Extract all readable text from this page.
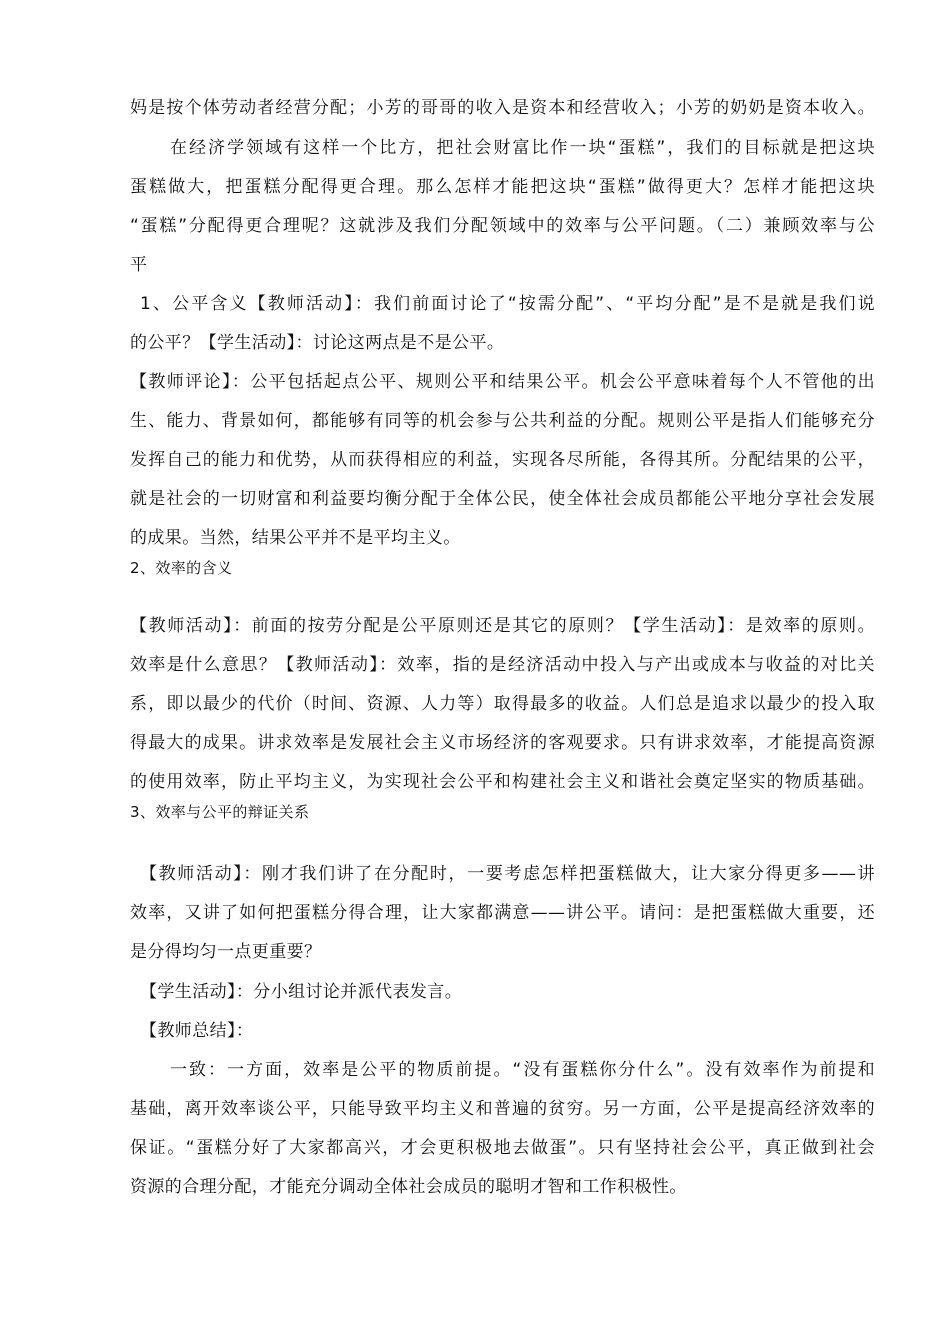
妈是按个体劳动者经营分配；小芳的哥哥的收入是资本和经营收入；小芳的奶奶是资本收入。
在经济学领域有这样一个比方，把社会财富比作一块“蛋糕”，我们的目标就是把这块
蛋糕做大，把蛋糕分配得更合理。那么怎样才能把这块“蛋糕”做得更大？怎样才能把这块
“蛋糕”分配得更合理呢？这就涉及我们分配领域中的效率与公平问题。（二）兼顾效率与公
平
1、公平含义【教师活动】：我们前面讨论了“按需分配”、“平均分配”是不是就是我们说
的公平？【学生活动】：讨论这两点是不是公平。
【教师评论】：公平包括起点公平、规则公平和结果公平。机会公平意味着每个人不管他的出
生、能力、背景如何，都能够有同等的机会参与公共利益的分配。规则公平是指人们能够充分
发挥自己的能力和优势，从而获得相应的利益，实现各尽所能，各得其所。分配结果的公平，
就是社会的一切财富和利益要均衡分配于全体公民，使全体社会成员都能公平地分享社会发展
的成果。当然，结果公平并不是平均主义。
2、效率的含义
【教师活动】：前面的按劳分配是公平原则还是其它的原则？【学生活动】：是效率的原则。
效率是什么意思？【教师活动】：效率，指的是经济活动中投入与产出或成本与收益的对比关
系，即以最少的代价（时间、资源、人力等）取得最多的收益。人们总是追求以最少的投入取
得最大的成果。讲求效率是发展社会主义市场经济的客观要求。只有讲求效率，才能提高资源
的使用效率，防止平均主义，为实现社会公平和构建社会主义和谐社会奠定坚实的物质基础。
3、效率与公平的辩证关系
【教师活动】：刚才我们讲了在分配时，一要考虑怎样把蛋糕做大，让大家分得更多——讲
效率，又讲了如何把蛋糕分得合理，让大家都满意——讲公平。请问：是把蛋糕做大重要，还
是分得均匀一点更重要？
【学生活动】：分小组讨论并派代表发言。
【教师总结】：
一致：一方面，效率是公平的物质前提。“没有蛋糕你分什么”。没有效率作为前提和
基础，离开效率谈公平，只能导致平均主义和普遍的贫穷。另一方面，公平是提高经济效率的
保证。“蛋糕分好了大家都高兴，才会更积极地去做蛋”。只有坚持社会公平，真正做到社会
资源的合理分配，才能充分调动全体社会成员的聪明才智和工作积极性。
